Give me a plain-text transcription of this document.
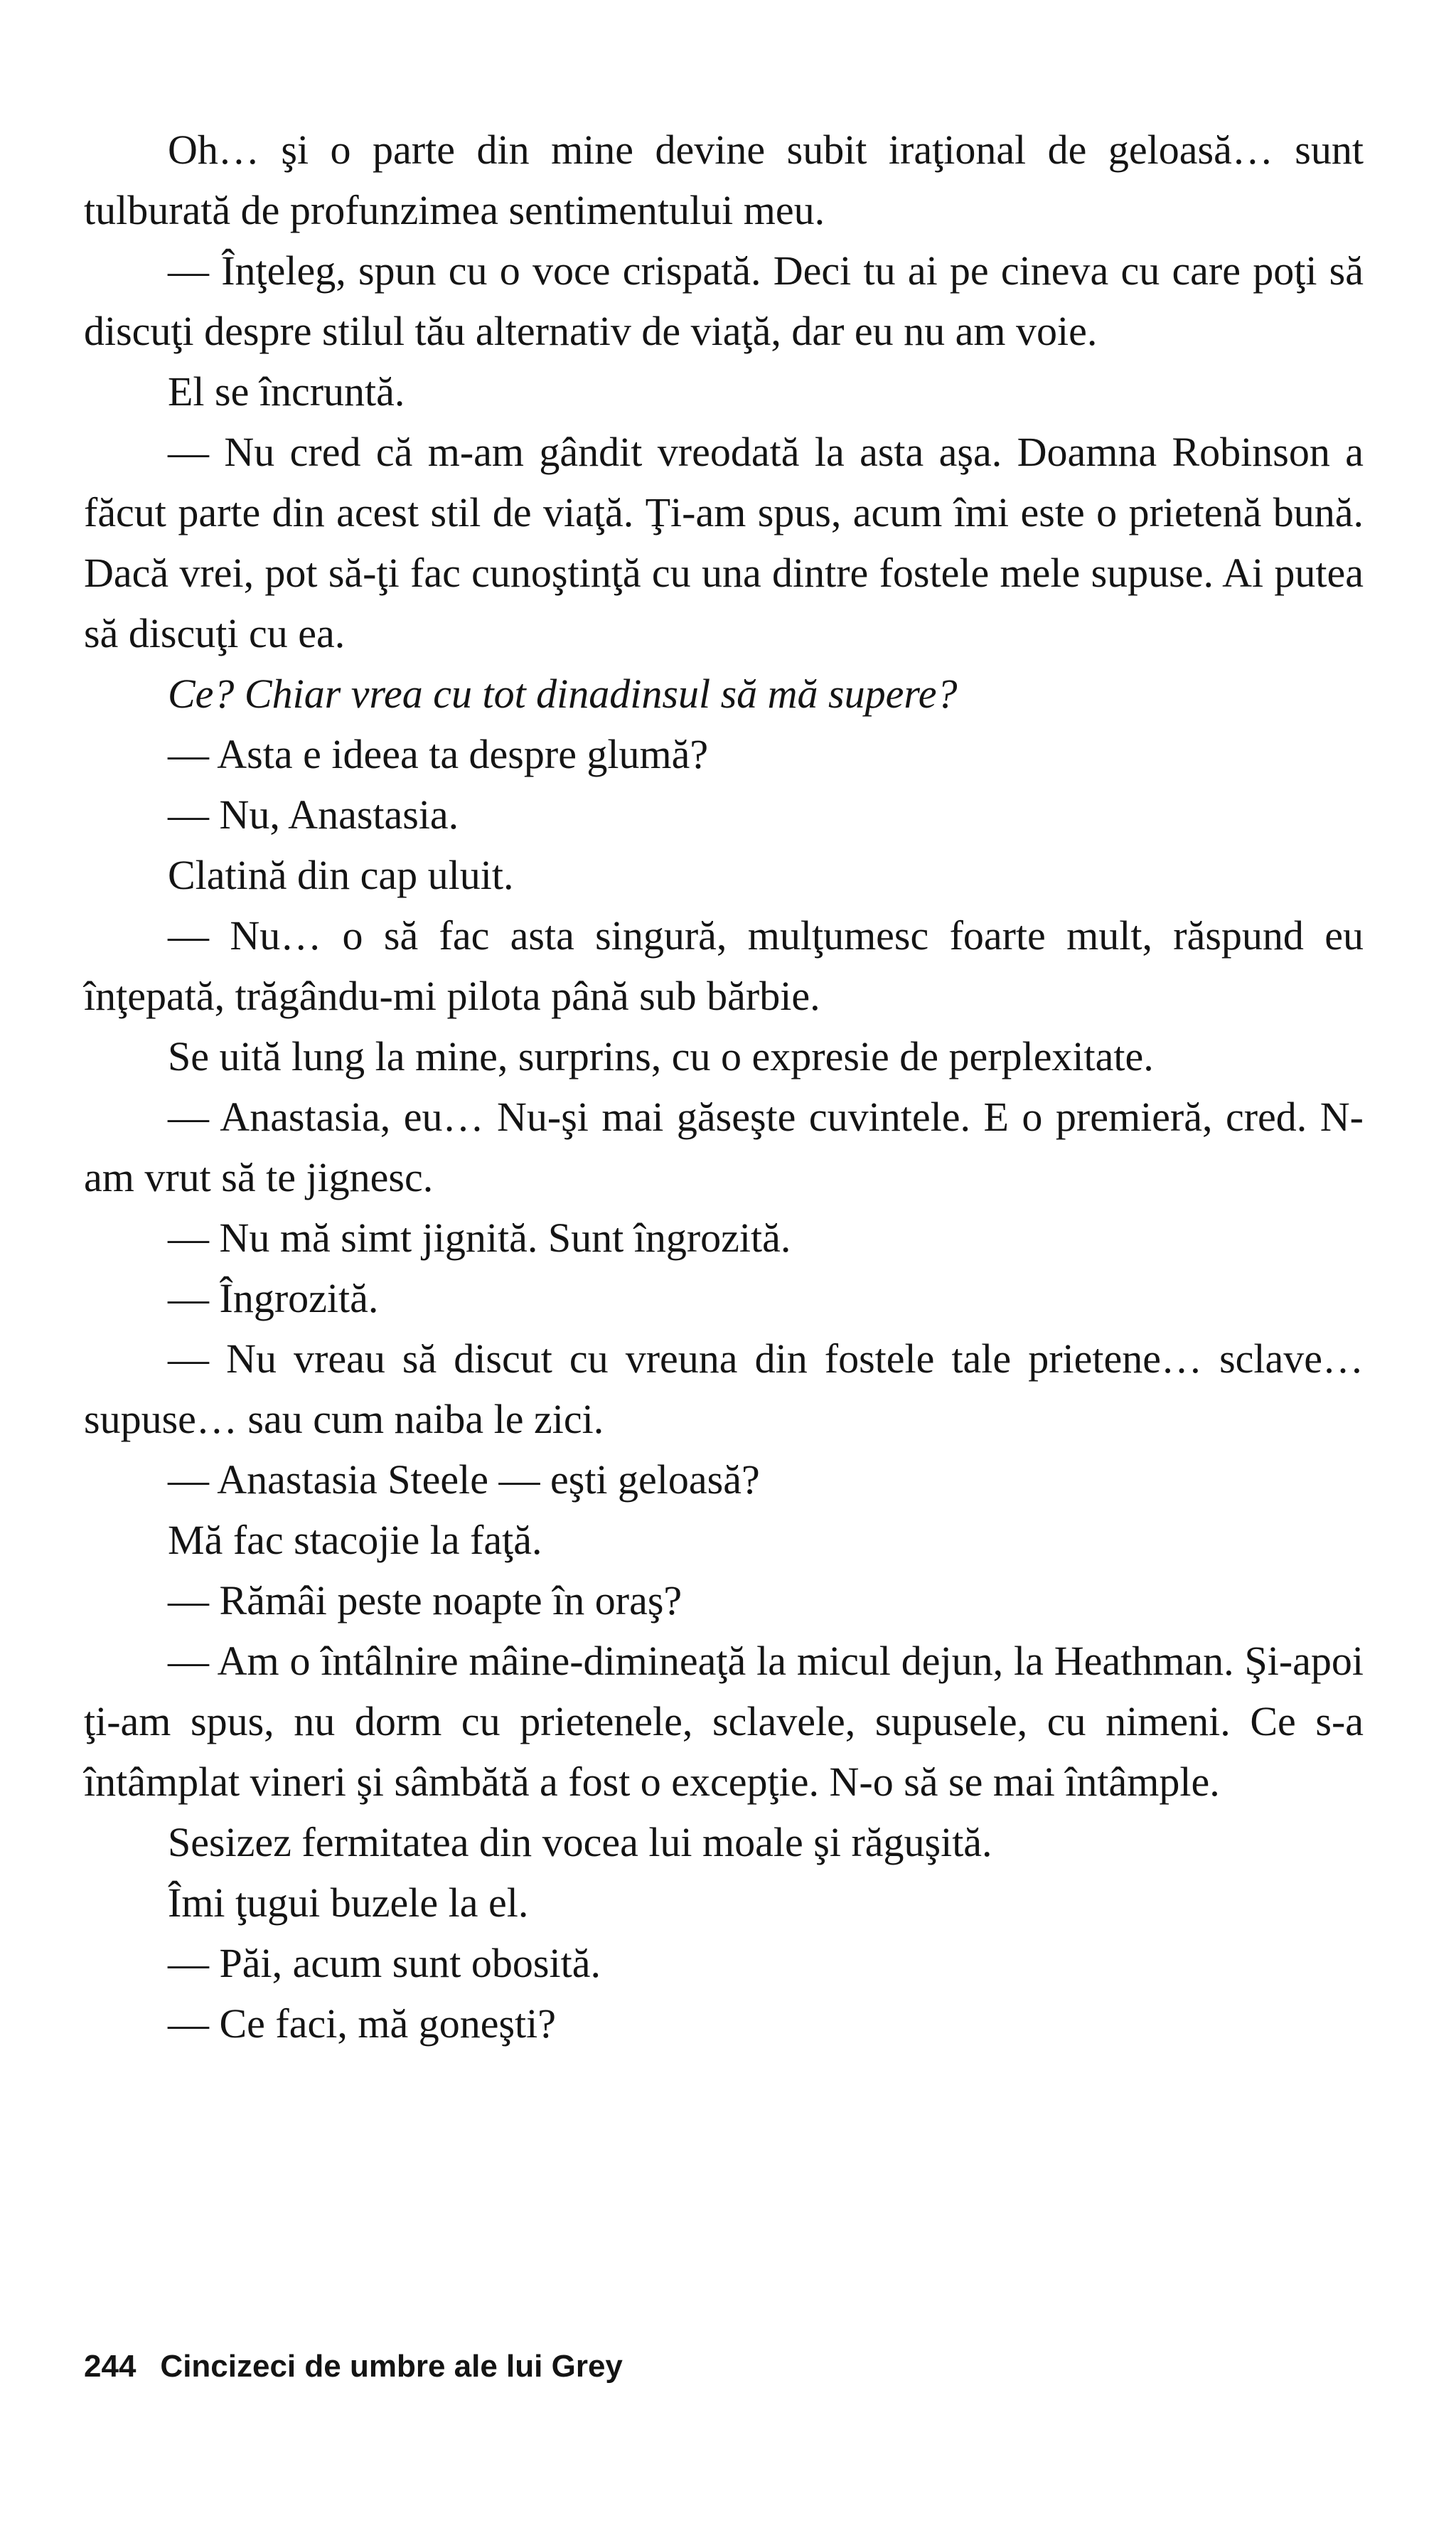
Oh… şi o parte din mine devine subit iraţional de geloasă… sunt tulburată de profunzimea sentimentului meu.

— Înţeleg, spun cu o voce crispată. Deci tu ai pe cineva cu care poţi să discuţi despre stilul tău alternativ de viaţă, dar eu nu am voie.

El se încruntă.

— Nu cred că m-am gândit vreodată la asta aşa. Doamna Robinson a făcut parte din acest stil de viaţă. Ţi-am spus, acum îmi este o prietenă bună. Dacă vrei, pot să-ţi fac cunoştinţă cu una dintre fostele mele supuse. Ai putea să discuţi cu ea.

Ce? Chiar vrea cu tot dinadinsul să mă supere?

— Asta e ideea ta despre glumă?

— Nu, Anastasia.

Clatină din cap uluit.

— Nu… o să fac asta singură, mulţumesc foarte mult, răspund eu înţepată, trăgându-mi pilota până sub bărbie.

Se uită lung la mine, surprins, cu o expresie de perplexitate.

— Anastasia, eu… Nu-şi mai găseşte cuvintele. E o premieră, cred. N-am vrut să te jignesc.

— Nu mă simt jignită. Sunt îngrozită.

— Îngrozită.

— Nu vreau să discut cu vreuna din fostele tale prietene… sclave… supuse… sau cum naiba le zici.

— Anastasia Steele — eşti geloasă?

Mă fac stacojie la faţă.

— Rămâi peste noapte în oraş?

— Am o întâlnire mâine-dimineaţă la micul dejun, la Heathman. Şi-apoi ţi-am spus, nu dorm cu prietenele, sclavele, supusele, cu nimeni. Ce s-a întâmplat vineri şi sâmbătă a fost o excepţie. N-o să se mai întâmple.

Sesizez fermitatea din vocea lui moale şi răguşită.

Îmi ţugui buzele la el.

— Păi, acum sunt obosită.

— Ce faci, mă goneşti?

244 Cincizeci de umbre ale lui Grey
